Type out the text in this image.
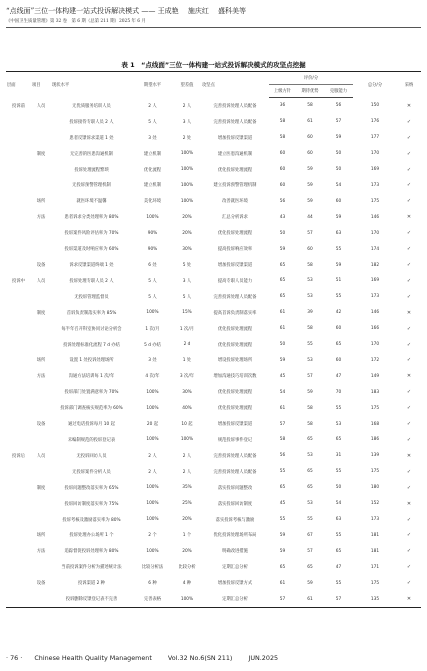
“点线面”三位一体构建一站式投诉解决模式 —— 王成艳　 施庆红　 盛科美等
《中国卫生质量管理》第 32 卷　第 6 期（总第 211 期）2025 年 6 月
表 1　“点线面”三位一体构建一站式投诉解决模式的攻坚点挖掘
层面	项目	现状水平	期望水平	望差值	攻坚点	评价/分			总分/分	采纳
						上级方针	期待优势	克服能力		
投诉前	人员	无优质服务培训人员	2 人	2 人	完善投诉处理人员配备	36	58	56	150	✕
		投诉接待专职人员 2 人	5 人	3 人	完善投诉处理人员配备	58	61	57	176	✓
		患者反馈诉求渠道 1 处	3 处	2 处	增加投诉反馈渠道	58	60	59	177	✓
	制度	无完善的医患沟通机制	建立机制	100%	建立医患沟通机制	60	60	50	170	✓
		投诉处理流程繁琐	优化流程	100%	优化投诉处理流程	60	59	50	169	✓
		无投诉预警管理机制	建立机制	100%	建立投诉预警管理机制	60	59	54	173	✓
	场所	就医环境不温馨	美化环境	100%	改善就医环境	56	59	60	175	✓
	方法	患者诉求分类处理率为 80%	100%	20%	汇总分析诉求	43	44	59	146	✕
		投诉案件风险评估率为 70%	90%	20%	优化投诉处理流程	50	57	63	170	✓
		投诉渠道及时响应率为 60%	90%	30%	提高投诉响应效率	59	60	55	174	✓
	设备	诉求反馈渠道终端 1 处	6 处	5 处	增加投诉反馈渠道	65	58	59	182	✓
投诉中	人员	投诉处理专职人员 2 人	5 人	3 人	提高专职人员能力	65	53	51	169	✓
		无投诉管理监督员	5 人	5 人	完善投诉处理人员配备	65	53	55	173	✓
	制度	首诉负责制落实率为 85%	100%	15%	提高首诉负责制落实率	61	39	42	146	✕
		每半年召开科室协同讨论分析会	1 次/月	1 次/月	优化投诉处理流程	61	58	60	166	✓
		投诉处理标准化流程 7 d 办结	5 d 办结	2 d	优化投诉处理流程	50	55	65	170	✓
	场所	设置 1 处投诉处理场所	3 处	1 处	增设投诉处理场所	59	53	60	172	✓
	方法	沟通方法培训每 1 次/年	4 次/年	3 次/年	增加沟通技巧培训次数	45	57	47	149	✕
		投诉部门处置满意率为 70%	100%	30%	优化投诉处理流程	54	59	70	183	✓
		投诉部门调查核实规范率为 60%	100%	40%	优化投诉处理流程	61	58	55	175	✓
	设备	通过电话投诉每月 10 起	20 起	10 起	增加投诉反馈渠道	57	58	53	168	✓
		未编制规范的投诉登记表	100%	100%	规范投诉事件登记	58	65	65	186	✓
投诉后	人员	无投诉回访人员	2 人	2 人	完善投诉处理人员配备	56	53	31	139	✕
		无投诉案件分析人员	2 人	2 人	完善投诉处理人员配备	55	65	55	175	✓
	制度	投诉问题整改落实率为 65%	100%	35%	落实投诉问题整改	65	65	50	180	✓
		投诉回访制度落实率为 75%	100%	25%	落实投诉回访制度	45	53	54	152	✕
		投诉考核及激励落实率为 80%	100%	20%	落实投诉考核与激励	55	55	63	173	✓
	场所	投诉处理办公场所 1 个	2 个	1 个	优化投诉处理场所布局	59	67	55	181	✓
	方法	追踪督促投诉处理率为 80%	100%	20%	明确改进措施	59	57	65	181	✓
		当前投诉案件分析为描述统计法	比较分析法	比较分析	定期汇总分析	65	65	47	171	✓
	设备	投诉渠道 2 种	6 种	4 种	增加投诉反馈方式	61	59	55	175	✓
		投诉删除反馈登记表不完善	完善表格	100%	定期汇总分析	57	61	57	135	✕
· 76 · Chinese Health Quality Management	Vol.32 No.6(SN 211)	JUN.2025
